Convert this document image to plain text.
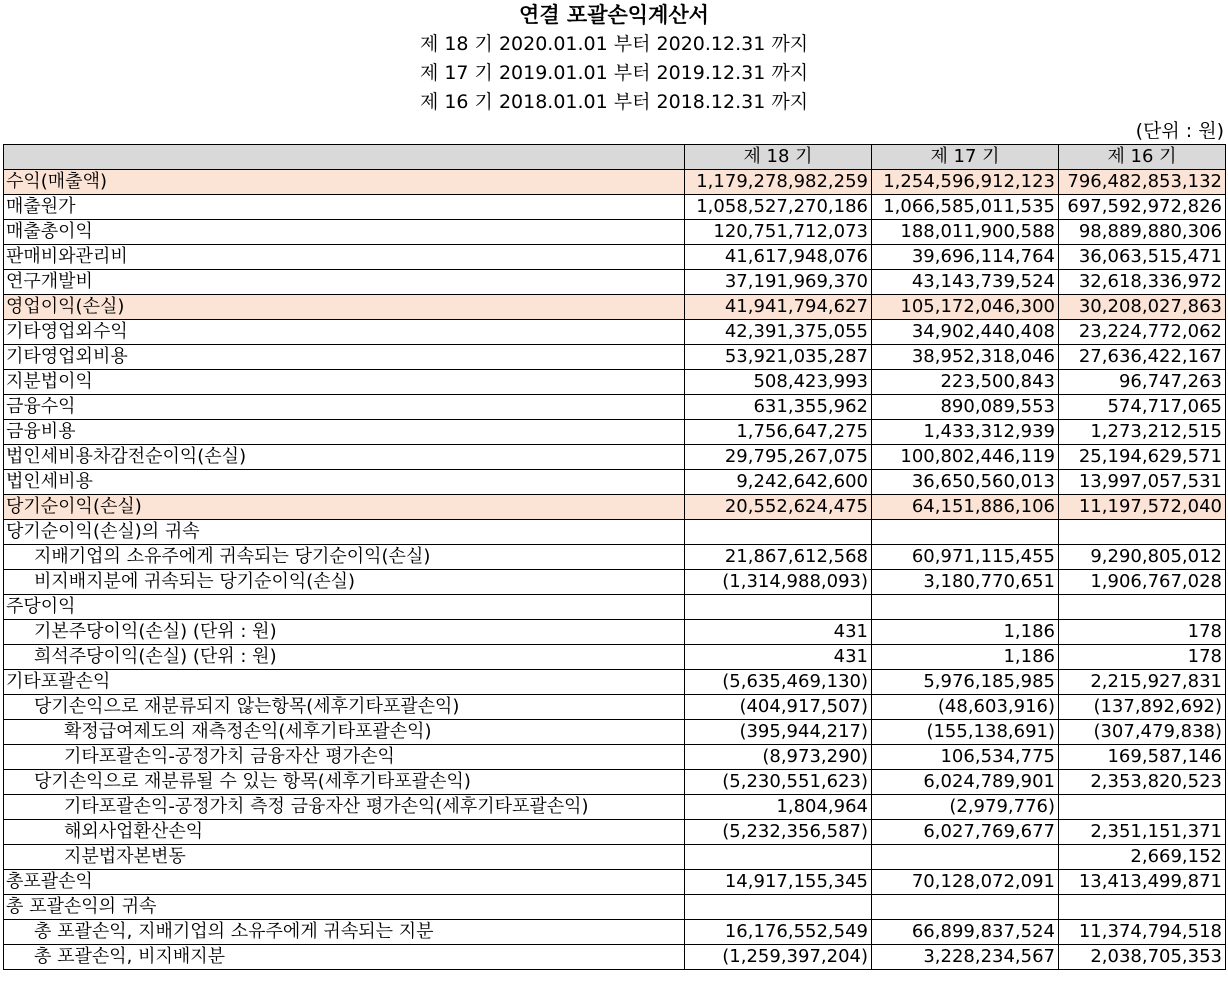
연결 포괄손익계산서
제 18 기 2020.01.01 부터 2020.12.31 까지
제 17 기 2019.01.01 부터 2019.12.31 까지
제 16 기 2018.01.01 부터 2018.12.31 까지
(단위 : 원)
	제 18 기	제 17 기	제 16 기
수익(매출액)	1,179,278,982,259	1,254,596,912,123	796,482,853,132
매출원가	1,058,527,270,186	1,066,585,011,535	697,592,972,826
매출총이익	120,751,712,073	188,011,900,588	98,889,880,306
판매비와관리비	41,617,948,076	39,696,114,764	36,063,515,471
연구개발비	37,191,969,370	43,143,739,524	32,618,336,972
영업이익(손실)	41,941,794,627	105,172,046,300	30,208,027,863
기타영업외수익	42,391,375,055	34,902,440,408	23,224,772,062
기타영업외비용	53,921,035,287	38,952,318,046	27,636,422,167
지분법이익	508,423,993	223,500,843	96,747,263
금융수익	631,355,962	890,089,553	574,717,065
금융비용	1,756,647,275	1,433,312,939	1,273,212,515
법인세비용차감전순이익(손실)	29,795,267,075	100,802,446,119	25,194,629,571
법인세비용	9,242,642,600	36,650,560,013	13,997,057,531
당기순이익(손실)	20,552,624,475	64,151,886,106	11,197,572,040
당기순이익(손실)의 귀속			
지배기업의 소유주에게 귀속되는 당기순이익(손실)	21,867,612,568	60,971,115,455	9,290,805,012
비지배지분에 귀속되는 당기순이익(손실)	(1,314,988,093)	3,180,770,651	1,906,767,028
주당이익			
기본주당이익(손실) (단위 : 원)	431	1,186	178
희석주당이익(손실) (단위 : 원)	431	1,186	178
기타포괄손익	(5,635,469,130)	5,976,185,985	2,215,927,831
당기손익으로 재분류되지 않는항목(세후기타포괄손익)	(404,917,507)	(48,603,916)	(137,892,692)
확정급여제도의 재측정손익(세후기타포괄손익)	(395,944,217)	(155,138,691)	(307,479,838)
기타포괄손익-공정가치 금융자산 평가손익	(8,973,290)	106,534,775	169,587,146
당기손익으로 재분류될 수 있는 항목(세후기타포괄손익)	(5,230,551,623)	6,024,789,901	2,353,820,523
기타포괄손익-공정가치 측정 금융자산 평가손익(세후기타포괄손익)	1,804,964	(2,979,776)	
해외사업환산손익	(5,232,356,587)	6,027,769,677	2,351,151,371
지분법자본변동			2,669,152
총포괄손익	14,917,155,345	70,128,072,091	13,413,499,871
총 포괄손익의 귀속			
총 포괄손익, 지배기업의 소유주에게 귀속되는 지분	16,176,552,549	66,899,837,524	11,374,794,518
총 포괄손익, 비지배지분	(1,259,397,204)	3,228,234,567	2,038,705,353
